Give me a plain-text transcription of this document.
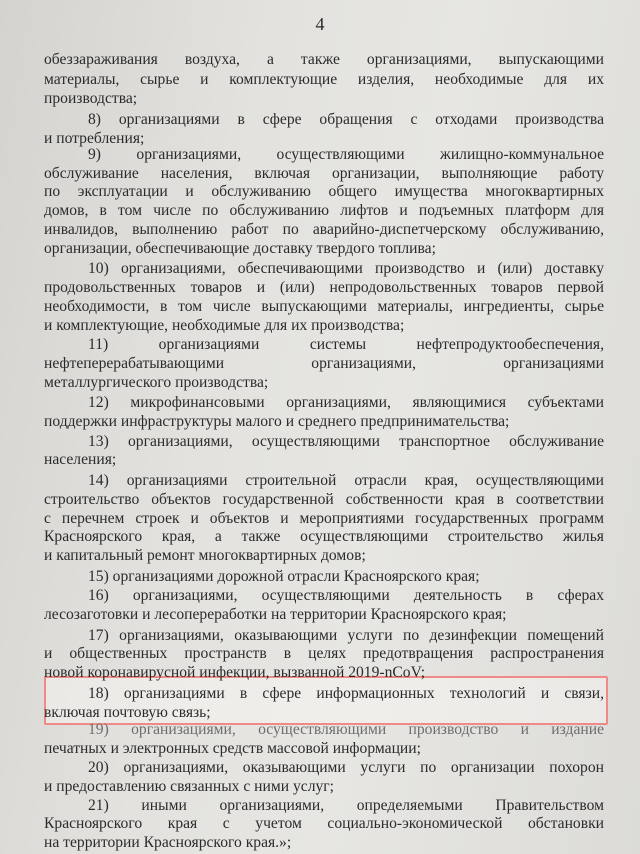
4
обеззараживания воздуха, а также организациями, выпускающими
материалы, сырье и комплектующие изделия, необходимые для их
производства;
8) организациями в сфере обращения с отходами производства
и потребления;
9) организациями, осуществляющими жилищно-коммунальное
обслуживание населения, включая организации, выполняющие работу
по эксплуатации и обслуживанию общего имущества многоквартирных
домов, в том числе по обслуживанию лифтов и подъемных платформ для
инвалидов, выполнению работ по аварийно-диспетчерскому обслуживанию,
организации, обеспечивающие доставку твердого топлива;
10) организациями, обеспечивающими производство и (или) доставку
продовольственных товаров и (или) непродовольственных товаров первой
необходимости, в том числе выпускающими материалы, ингредиенты, сырье
и комплектующие, необходимые для их производства;
11) организациями системы нефтепродуктообеспечения,
нефтеперерабатывающими организациями, организациями
металлургического производства;
12) микрофинансовыми организациями, являющимися субъектами
поддержки инфраструктуры малого и среднего предпринимательства;
13) организациями, осуществляющими транспортное обслуживание
населения;
14) организациями строительной отрасли края, осуществляющими
строительство объектов государственной собственности края в соответствии
с перечнем строек и объектов и мероприятиями государственных программ
Красноярского края, а также осуществляющими строительство жилья
и капитальный ремонт многоквартирных домов;
15) организациями дорожной отрасли Красноярского края;
16) организациями, осуществляющими деятельность в сферах
лесозаготовки и лесопереработки на территории Красноярского края;
17) организациями, оказывающими услуги по дезинфекции помещений
и общественных пространств в целях предотвращения распространения
новой коронавирусной инфекции, вызванной 2019-nCoV;
18) организациями в сфере информационных технологий и связи,
включая почтовую связь;
19) организациями, осуществляющими производство и издание
печатных и электронных средств массовой информации;
20) организациями, оказывающими услуги по организации похорон
и предоставлению связанных с ними услуг;
21) иными организациями, определяемыми Правительством
Красноярского края с учетом социально-экономической обстановки
на территории Красноярского края.»;
